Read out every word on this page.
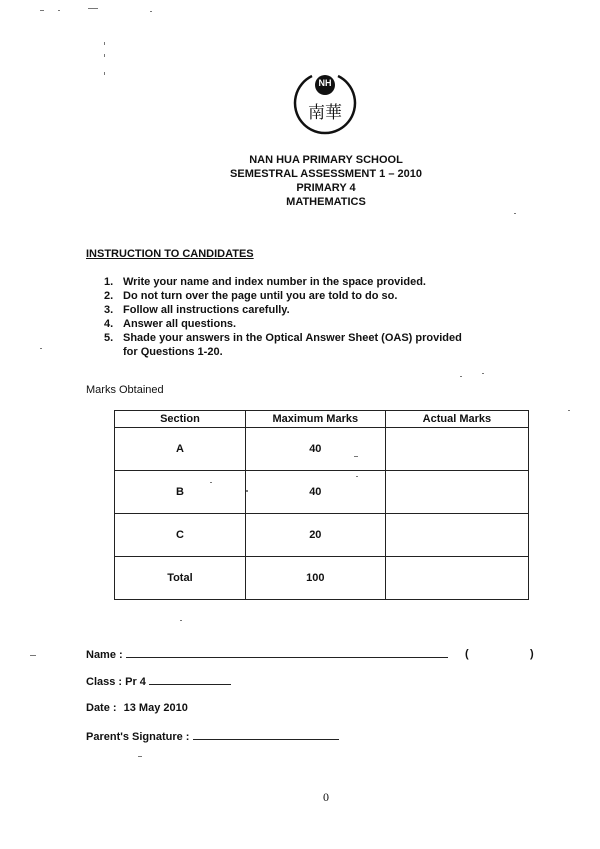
NH
南華
NAN HUA PRIMARY SCHOOL
SEMESTRAL ASSESSMENT 1 – 2010
PRIMARY 4
MATHEMATICS
INSTRUCTION TO CANDIDATES
1. Write your name and index number in the space provided.
2. Do not turn over the page until you are told to do so.
3. Follow all instructions carefully.
4. Answer all questions.
5. Shade your answers in the Optical Answer Sheet (OAS) provided
for Questions 1-20.
Marks Obtained
Section	Maximum Marks	Actual Marks
A	40	
B	40	
C	20	
Total	100	
Name :	(	)
Class : Pr 4
Date : 13 May 2010
Parent's Signature :
0
